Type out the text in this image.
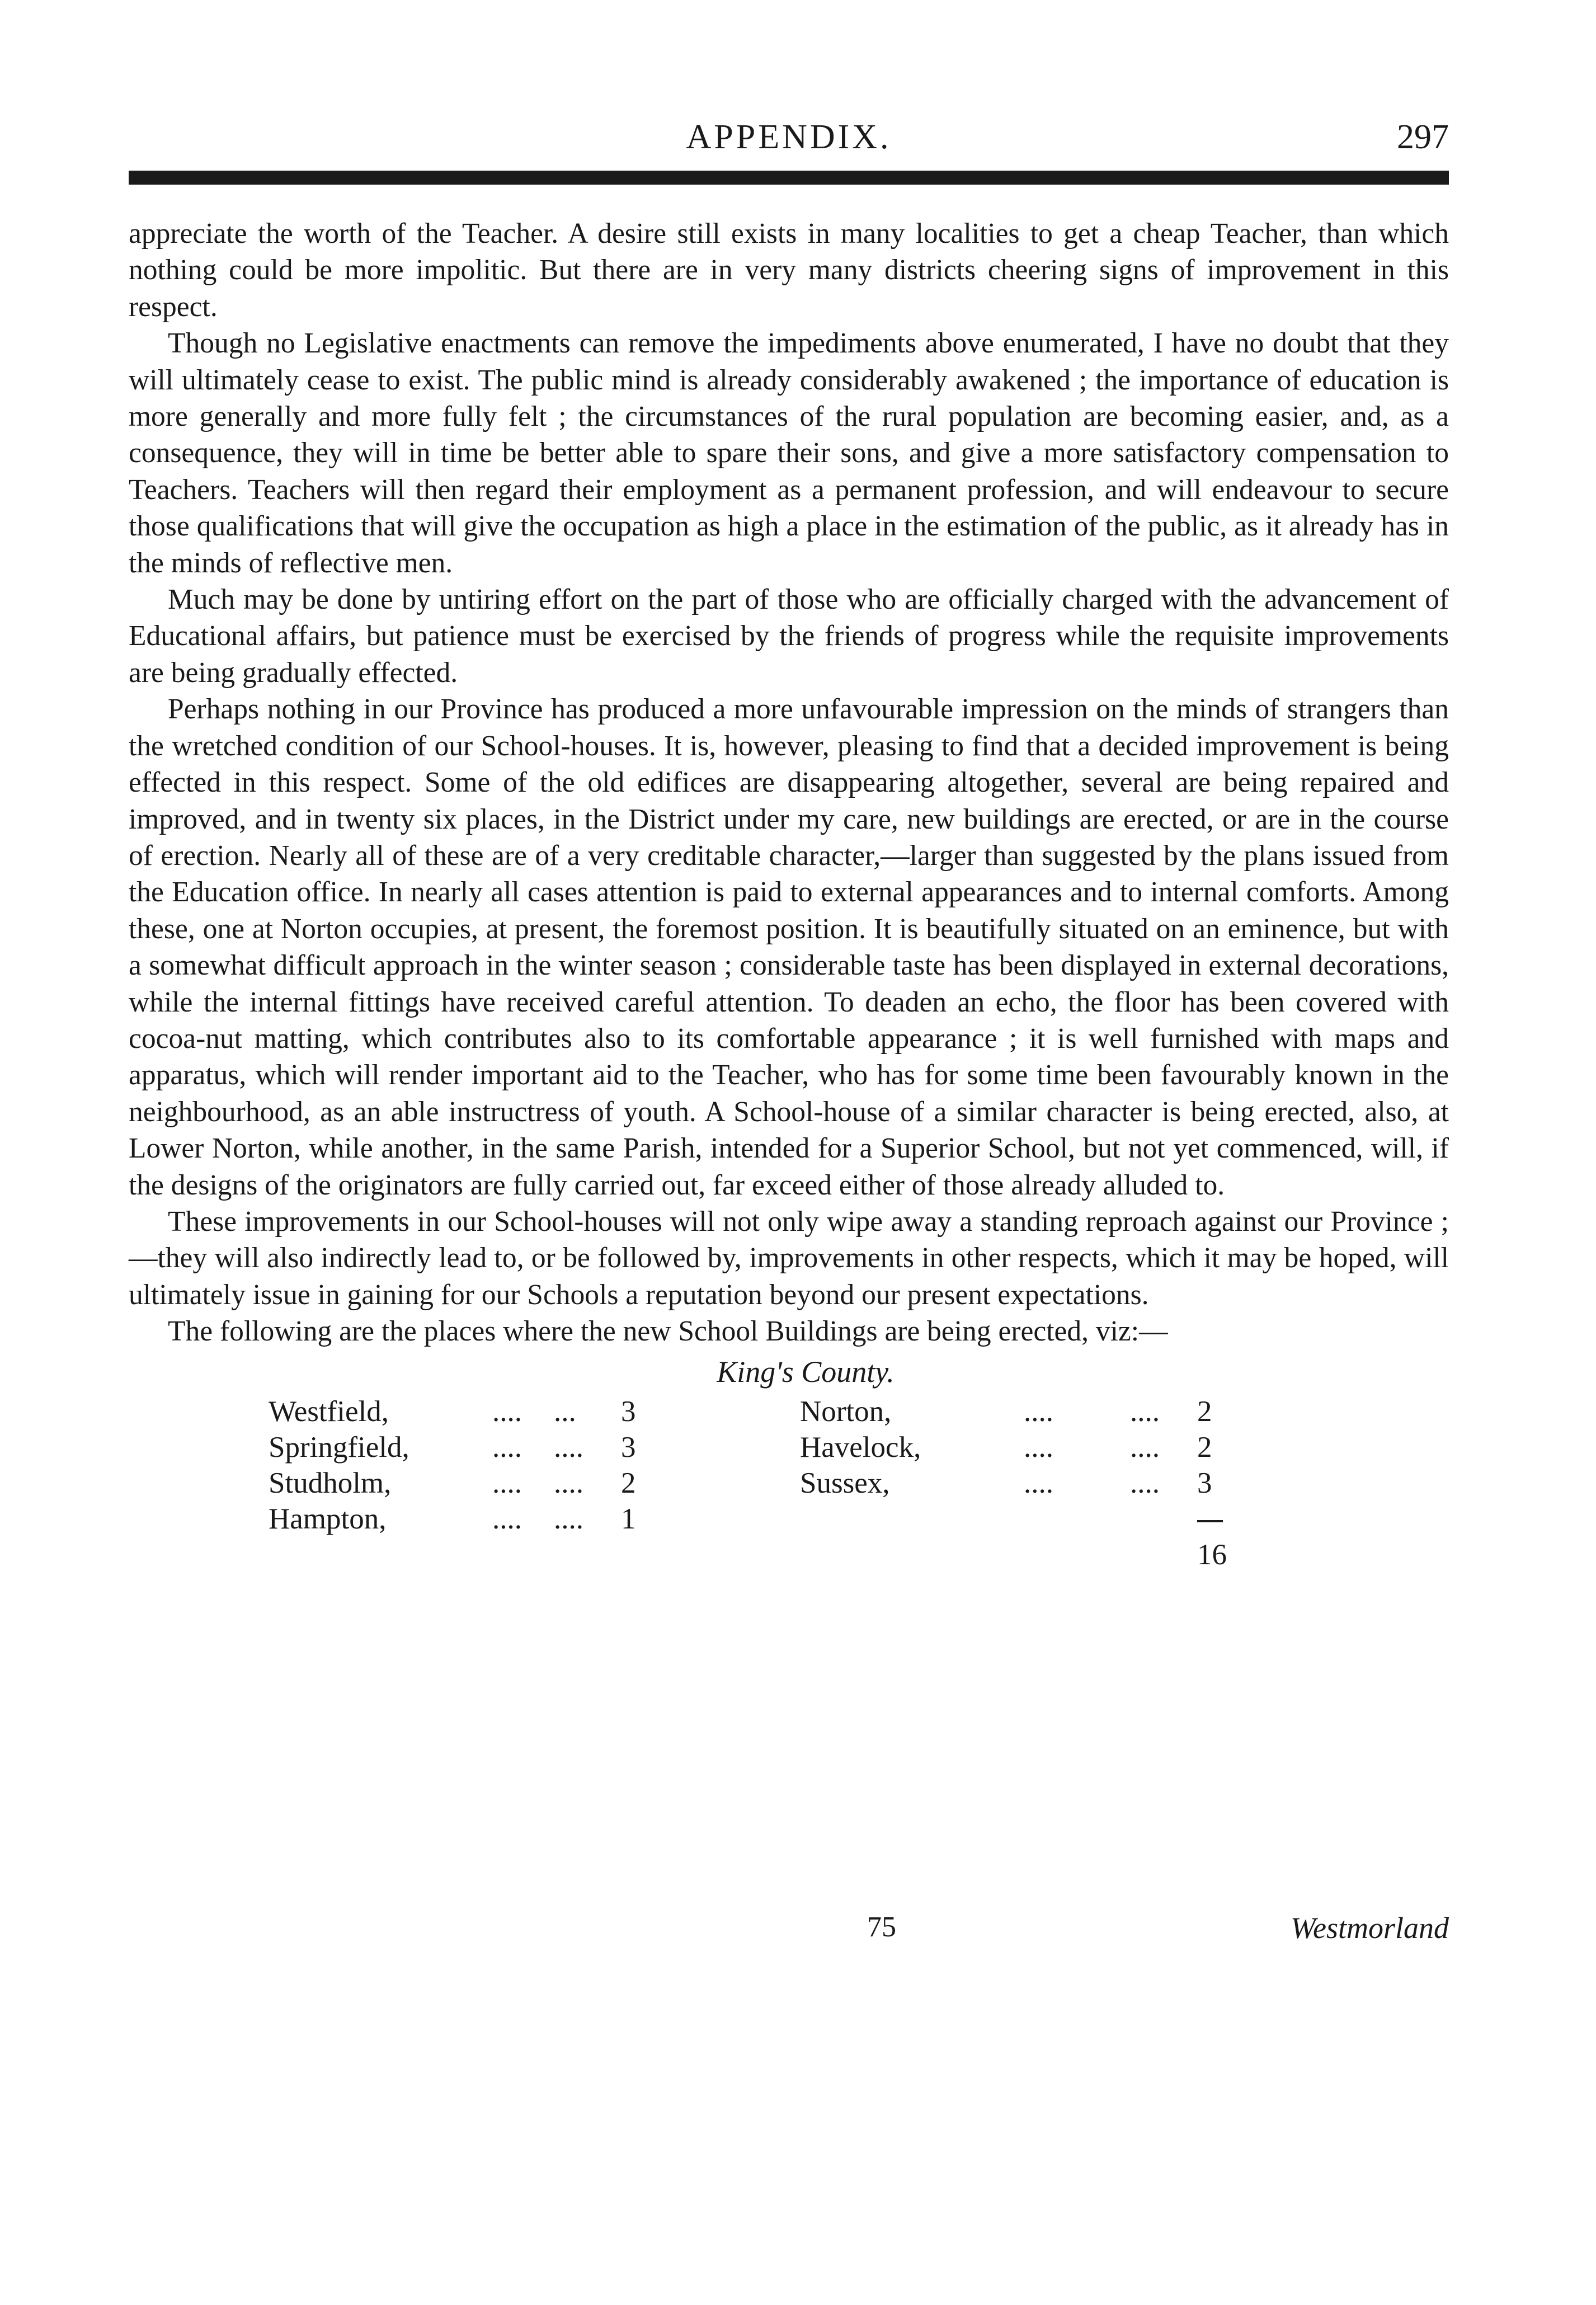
APPENDIX.	297

appreciate the worth of the Teacher. A desire still exists in many localities to get a cheap Teacher, than which nothing could be more impolitic. But there are in very many districts cheering signs of improvement in this respect.

Though no Legislative enactments can remove the impediments above enumerated, I have no doubt that they will ultimately cease to exist. The public mind is already considerably awakened ; the importance of education is more generally and more fully felt ; the circumstances of the rural population are becoming easier, and, as a consequence, they will in time be better able to spare their sons, and give a more satisfactory compensation to Teachers. Teachers will then regard their employment as a permanent profession, and will endeavour to secure those qualifications that will give the occupation as high a place in the estimation of the public, as it already has in the minds of reflective men.

Much may be done by untiring effort on the part of those who are officially charged with the advancement of Educational affairs, but patience must be exercised by the friends of progress while the requisite improvements are being gradually effected.

Perhaps nothing in our Province has produced a more unfavourable impression on the minds of strangers than the wretched condition of our School-houses. It is, however, pleasing to find that a decided improvement is being effected in this respect. Some of the old edifices are disappearing altogether, several are being repaired and improved, and in twenty six places, in the District under my care, new buildings are erected, or are in the course of erection. Nearly all of these are of a very creditable character,—larger than suggested by the plans issued from the Education office. In nearly all cases attention is paid to external appearances and to internal comforts. Among these, one at Norton occupies, at present, the foremost position. It is beautifully situated on an eminence, but with a somewhat difficult approach in the winter season ; considerable taste has been displayed in external decorations, while the internal fittings have received careful attention. To deaden an echo, the floor has been covered with cocoa-nut matting, which contributes also to its comfortable appearance ; it is well furnished with maps and apparatus, which will render important aid to the Teacher, who has for some time been favourably known in the neighbourhood, as an able instructress of youth. A School-house of a similar character is being erected, also, at Lower Norton, while another, in the same Parish, intended for a Superior School, but not yet commenced, will, if the designs of the originators are fully carried out, far exceed either of those already alluded to.

These improvements in our School-houses will not only wipe away a standing reproach against our Province ;—they will also indirectly lead to, or be followed by, improvements in other respects, which it may be hoped, will ultimately issue in gaining for our Schools a reputation beyond our present expectations.

The following are the places where the new School Buildings are being erected, viz:—

King's County.
Westfield,	....	...	3	Norton,	....	....	2
Springfield,	....	....	3	Havelock,	....	....	2
Studholm,	....	....	2	Sussex,	....	....	3
Hampton,	....	....	1				
							16
75	Westmorland
